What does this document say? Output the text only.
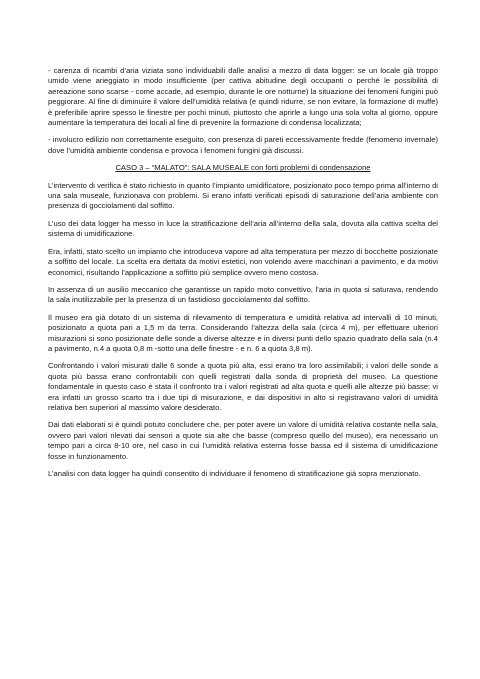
- carenza di ricambi d’aria viziata sono individuabili dalle analisi a mezzo di data logger: se un locale già troppo umido viene arieggiato in modo insufficiente (per cattiva abitudine degli occupanti o perché le possibilità di aereazione sono scarse - come accade, ad esempio, durante le ore notturne) la situazione dei fenomeni fungini può peggiorare. Al fine di diminuire il valore dell’umidità relativa (e quindi ridurre, se non evitare, la formazione di muffe) è preferibile aprire spesso le finestre per pochi minuti, piuttosto che aprirle a lungo una sola volta al giorno, oppure aumentare la temperatura dei locali al fine di prevenire la formazione di condensa localizzata;

- involucro edilizio non correttamente eseguito, con presenza di pareti eccessivamente fredde (fenomeno invernale) dove l’umidità ambiente condensa e provoca i fenomeni fungini già discussi.

CASO 3 – “MALATO”: SALA MUSEALE con forti problemi di condensazione

L’intervento di verifica è stato richiesto in quanto l’impianto umidificatore, posizionato poco tempo prima all’interno di una sala museale, funzionava con problemi. Si erano infatti verificati episodi di saturazione dell’aria ambiente con presenza di gocciolamenti dal soffitto.

L’uso dei data logger ha messo in luce la stratificazione dell’aria all’interno della sala, dovuta alla cattiva scelta del sistema di umidificazione.

Era, infatti, stato scelto un impianto che introduceva vapore ad alta temperatura per mezzo di bocchette posizionate a soffitto del locale. La scelta era dettata da motivi estetici, non volendo avere macchinari a pavimento, e da motivi economici, risultando l’applicazione a soffitto più semplice ovvero meno costosa.

In assenza di un ausilio meccanico che garantisse un rapido moto convettivo, l’aria in quota si saturava, rendendo la sala inutilizzabile per la presenza di un fastidioso gocciolamento dal soffitto.

Il museo era già dotato di un sistema di rilevamento di temperatura e umidità relativa ad intervalli di 10 minuti, posizionato a quota pari a 1,5 m da terra. Considerando l’altezza della sala (circa 4 m), per effettuare ulteriori misurazioni si sono posizionate delle sonde a diverse altezze e in diversi punti dello spazio quadrato della sala (n.4 a pavimento, n.4 a quota 0,8 m -sotto una delle finestre - e n. 6 a quota 3,8 m).

Confrontando i valori misurati dalle 6 sonde a quota più alta, essi erano tra loro assimilabili; i valori delle sonde a quota più bassa erano confrontabili con quelli registrati dalla sonda di proprietà del museo. La questione fondamentale in questo caso è stata il confronto tra i valori registrati ad alta quota e quelli alle altezze più basse: vi era infatti un grosso scarto tra i due tipi di misurazione, e dai dispositivi in alto si registravano valori di umidità relativa ben superiori al massimo valore desiderato.

Dai dati elaborati si è quindi potuto concludere che, per poter avere un valore di umidità relativa costante nella sala, ovvero pari valori rilevati dai sensori a quote sia alte che basse (compreso quello del museo), era necessario un tempo pari a circa 8-10 ore, nel caso in cui l’umidità relativa esterna fosse bassa ed il sistema di umidificazione fosse in funzionamento.

L’analisi con data logger ha quindi consentito di individuare il fenomeno di stratificazione già sopra menzionato.
